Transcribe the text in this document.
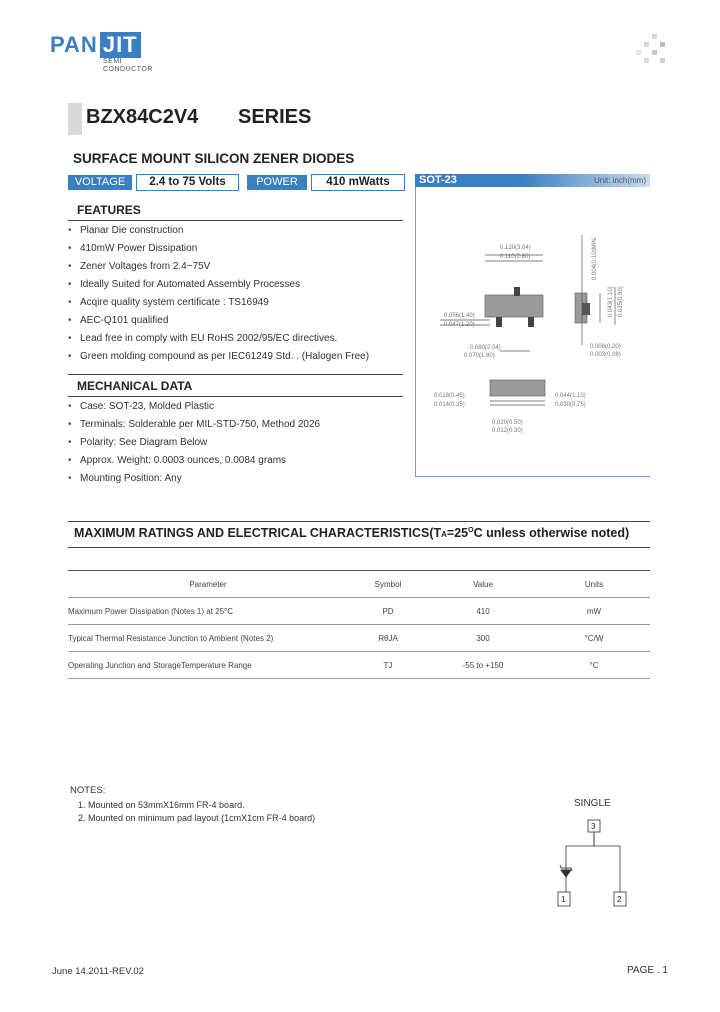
PAN JIT
SEMI
CONDUCTOR
BZX84C2V4 SERIES
SURFACE MOUNT SILICON ZENER DIODES
VOLTAGE	2.4 to 75 Volts	POWER	410 mWatts	SOT-23	Unit: inch(mm)
0.120(3.04)
0.110(2.80)
0.056(1.40)
0.047(1.20)
0.080(2.04)
0.070(1.80)
0.008(0.20)
0.003(0.08)
0.018(0.45)
0.014(0.35)
0.044(1.10)
0.030(0.75)
0.020(0.50)
0.012(0.30)
0.004(0.10)MIN.
0.043(1.10) 0.035(0.90)
FEATURES
• Planar Die construction
• 410mW Power Dissipation
• Zener Voltages from 2.4~75V
• Ideally Suited for Automated Assembly Processes
• Acqire quality system certificate : TS16949
• AEC-Q101 qualified
• Lead free in comply with EU RoHS 2002/95/EC directives.
• Green molding compound as per IEC61249 Std. . (Halogen Free)
MECHANICAL DATA
• Case: SOT-23, Molded Plastic
• Terminals: Solderable per MIL-STD-750, Method 2026
• Polarity: See Diagram Below
• Approx. Weight: 0.0003 ounces, 0.0084 grams
• Mounting Position: Any
MAXIMUM RATINGS AND ELECTRICAL $CHARACTERISTICS(TA=25^OC$ unless otherwise noted)
Parameter	Symbol	Value	Units
Maximum Power Dissipation (Notes 1) at 25°C	PD	410	mW
Typical Thermal Resistance Junction to Ambient (Notes 2)	RθJA	300	°C/W
Operating Junction and StorageTemperature Range	TJ	-55 to +150	°C
NOTES:
1. Mounted on 53mmX16mm FR-4 board.
2. Mounted on minimum pad layout (1cmX1cm FR-4 board)
SINGLE
3
1	2
June 14.2011-REV.02	PAGE . 1
